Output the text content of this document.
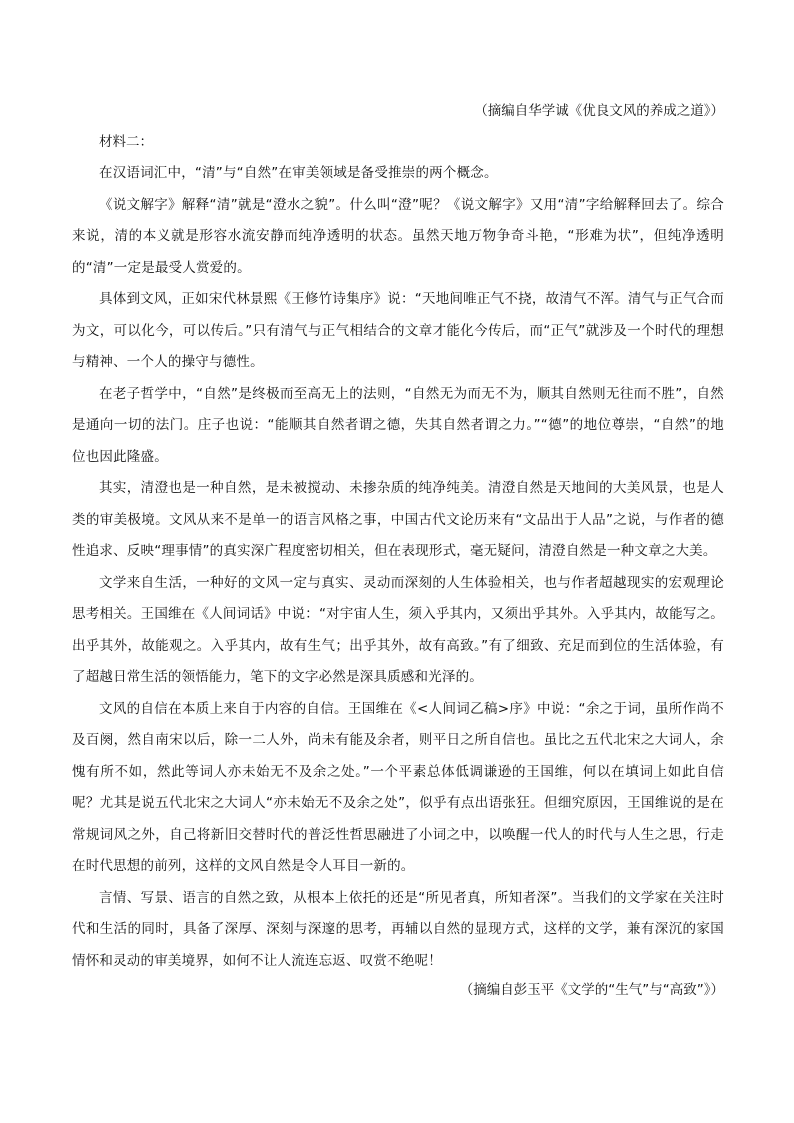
（摘编自华学诚《优良文风的养成之道》）
材料二：

在汉语词汇中，“清”与“自然”在审美领域是备受推崇的两个概念。

《说文解字》解释“清”就是“澄水之貌”。什么叫“澄”呢？《说文解字》又用“清”字给解释回去了。综合来说，清的本义就是形容水流安静而纯净透明的状态。虽然天地万物争奇斗艳，“形难为状”，但纯净透明的“清”一定是最受人赏爱的。

具体到文风，正如宋代林景熙《王修竹诗集序》说：“天地间唯正气不挠，故清气不浑。清气与正气合而为文，可以化今，可以传后。”只有清气与正气相结合的文章才能化今传后，而“正气”就涉及一个时代的理想与精神、一个人的操守与德性。

在老子哲学中，“自然”是终极而至高无上的法则，“自然无为而无不为，顺其自然则无往而不胜”，自然是通向一切的法门。庄子也说：“能顺其自然者谓之德，失其自然者谓之力。”“德”的地位尊崇，“自然”的地位也因此隆盛。

其实，清澄也是一种自然，是未被搅动、未掺杂质的纯净纯美。清澄自然是天地间的大美风景，也是人类的审美极境。文风从来不是单一的语言风格之事，中国古代文论历来有“文品出于人品”之说，与作者的德性追求、反映“理事情”的真实深广程度密切相关，但在表现形式，毫无疑问，清澄自然是一种文章之大美。

文学来自生活，一种好的文风一定与真实、灵动而深刻的人生体验相关，也与作者超越现实的宏观理论思考相关。王国维在《人间词话》中说：“对宇宙人生，须入乎其内，又须出乎其外。入乎其内，故能写之。出乎其外，故能观之。入乎其内，故有生气；出乎其外，故有高致。”有了细致、充足而到位的生活体验，有了超越日常生活的领悟能力，笔下的文字必然是深具质感和光泽的。

文风的自信在本质上来自于内容的自信。王国维在《<人间词乙稿>序》中说：“余之于词，虽所作尚不及百阕，然自南宋以后，除一二人外，尚未有能及余者，则平日之所自信也。虽比之五代北宋之大词人，余愧有所不如，然此等词人亦未始无不及余之处。”一个平素总体低调谦逊的王国维，何以在填词上如此自信呢？尤其是说五代北宋之大词人“亦未始无不及余之处”，似乎有点出语张狂。但细究原因，王国维说的是在常规词风之外，自己将新旧交替时代的普泛性哲思融进了小词之中，以唤醒一代人的时代与人生之思，行走在时代思想的前列，这样的文风自然是令人耳目一新的。

言情、写景、语言的自然之致，从根本上依托的还是“所见者真，所知者深”。当我们的文学家在关注时代和生活的同时，具备了深厚、深刻与深邃的思考，再辅以自然的显现方式，这样的文学，兼有深沉的家国情怀和灵动的审美境界，如何不让人流连忘返、叹赏不绝呢！

（摘编自彭玉平《文学的“生气”与“高致”》）
